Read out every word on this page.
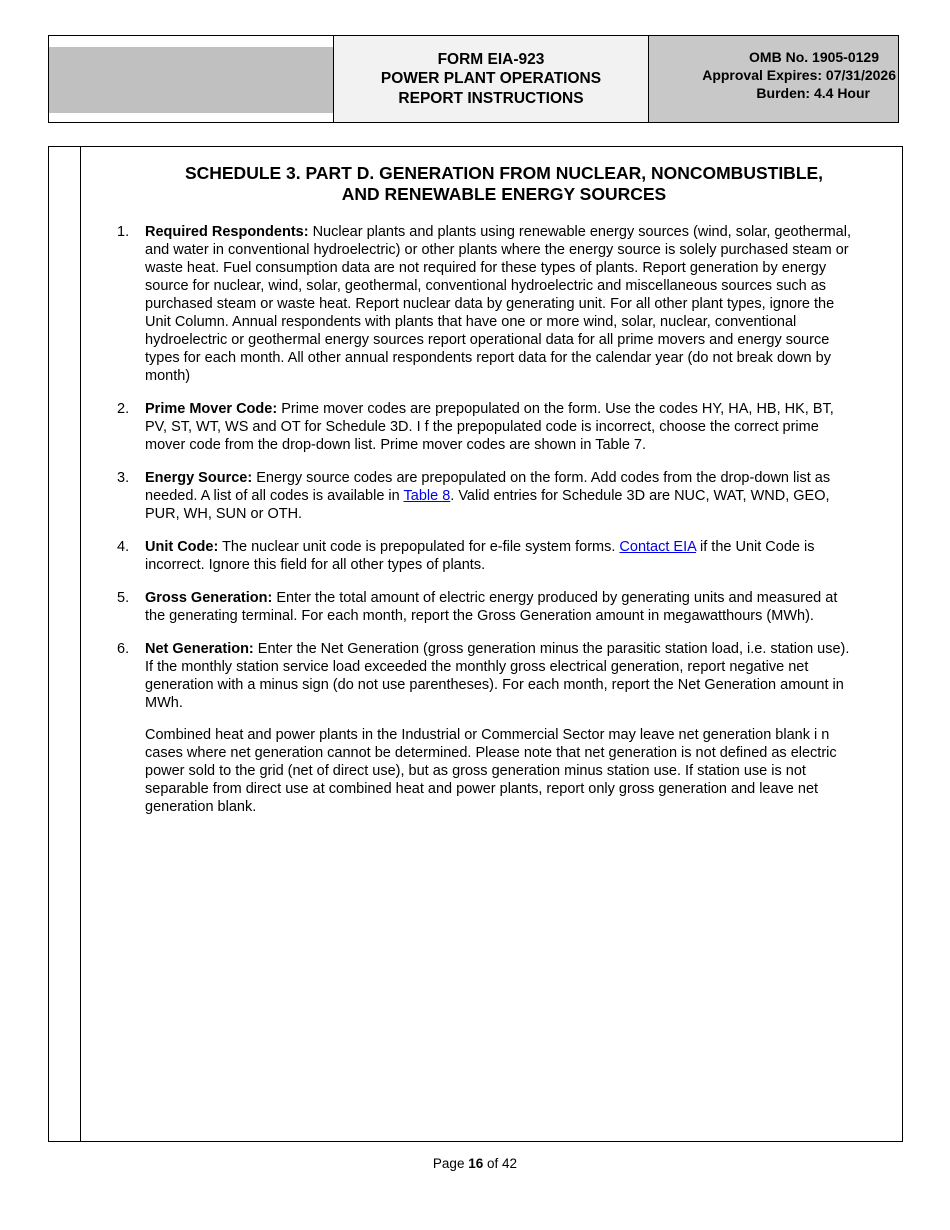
FORM EIA-923
POWER PLANT OPERATIONS
REPORT INSTRUCTIONS
OMB No. 1905-0129
Approval Expires: 07/31/2026
Burden: 4.4 Hour
SCHEDULE 3. PART D. GENERATION FROM NUCLEAR, NONCOMBUSTIBLE,
AND RENEWABLE ENERGY SOURCES
1.	Required Respondents: Nuclear plants and plants using renewable energy sources (wind, solar, geothermal, and water in conventional hydroelectric) or other plants where the energy source is solely purchased steam or waste heat. Fuel consumption data are not required for these types of plants. Report generation by energy source for nuclear, wind, solar, geothermal, conventional hydroelectric and miscellaneous sources such as purchased steam or waste heat. Report nuclear data by generating unit. For all other plant types, ignore the Unit Column. Annual respondents with plants that have one or more wind, solar, nuclear, conventional hydroelectric or geothermal energy sources report operational data for all prime movers and energy source types for each month. All other annual respondents report data for the calendar year (do not break down by month)
2.	Prime Mover Code: Prime mover codes are prepopulated on the form. Use the codes HY, HA, HB, HK, BT, PV, ST, WT, WS and OT for Schedule 3D. I f the prepopulated code is incorrect, choose the correct prime mover code from the drop-down list. Prime mover codes are shown in Table 7.
3.	Energy Source: Energy source codes are prepopulated on the form. Add codes from the drop-down list as needed. A list of all codes is available in Table 8. Valid entries for Schedule 3D are NUC, WAT, WND, GEO, PUR, WH, SUN or OTH.
4.	Unit Code: The nuclear unit code is prepopulated for e-file system forms. Contact EIA if the Unit Code is incorrect. Ignore this field for all other types of plants.
5.	Gross Generation: Enter the total amount of electric energy produced by generating units and measured at the generating terminal. For each month, report the Gross Generation amount in megawatthours (MWh).
6.	Net Generation: Enter the Net Generation (gross generation minus the parasitic station load, i.e. station use). If the monthly station service load exceeded the monthly gross electrical generation, report negative net generation with a minus sign (do not use parentheses). For each month, report the Net Generation amount in MWh.
Combined heat and power plants in the Industrial or Commercial Sector may leave net generation blank i n cases where net generation cannot be determined. Please note that net generation is not defined as electric power sold to the grid (net of direct use), but as gross generation minus station use. If station use is not separable from direct use at combined heat and power plants, report only gross generation and leave net generation blank.
Page 16 of 42
